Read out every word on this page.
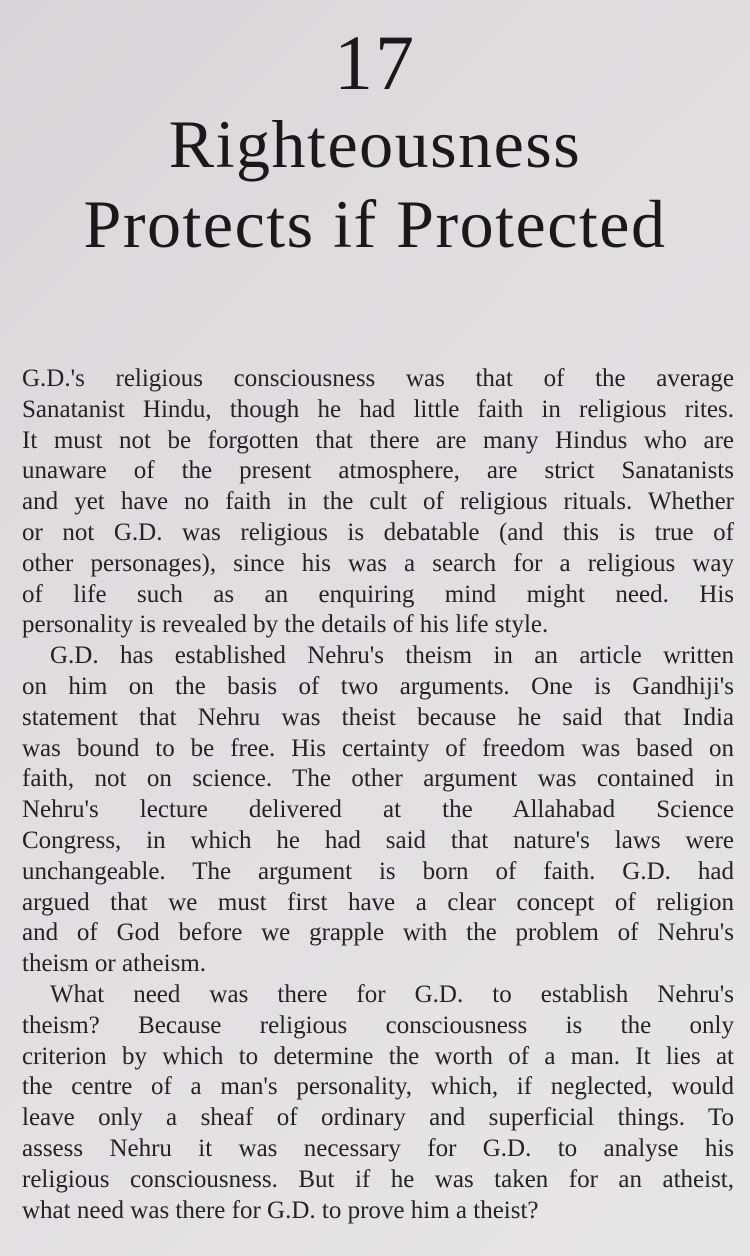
17
Righteousness
Protects if Protected
G.D.'s religious consciousness was that of the average
Sanatanist Hindu, though he had little faith in religious rites.
It must not be forgotten that there are many Hindus who are
unaware of the present atmosphere, are strict Sanatanists
and yet have no faith in the cult of religious rituals. Whether
or not G.D. was religious is debatable (and this is true of
other personages), since his was a search for a religious way
of life such as an enquiring mind might need. His
personality is revealed by the details of his life style.
G.D. has established Nehru's theism in an article written
on him on the basis of two arguments. One is Gandhiji's
statement that Nehru was theist because he said that India
was bound to be free. His certainty of freedom was based on
faith, not on science. The other argument was contained in
Nehru's lecture delivered at the Allahabad Science
Congress, in which he had said that nature's laws were
unchangeable. The argument is born of faith. G.D. had
argued that we must first have a clear concept of religion
and of God before we grapple with the problem of Nehru's
theism or atheism.
What need was there for G.D. to establish Nehru's
theism? Because religious consciousness is the only
criterion by which to determine the worth of a man. It lies at
the centre of a man's personality, which, if neglected, would
leave only a sheaf of ordinary and superficial things. To
assess Nehru it was necessary for G.D. to analyse his
religious consciousness. But if he was taken for an atheist,
what need was there for G.D. to prove him a theist?
